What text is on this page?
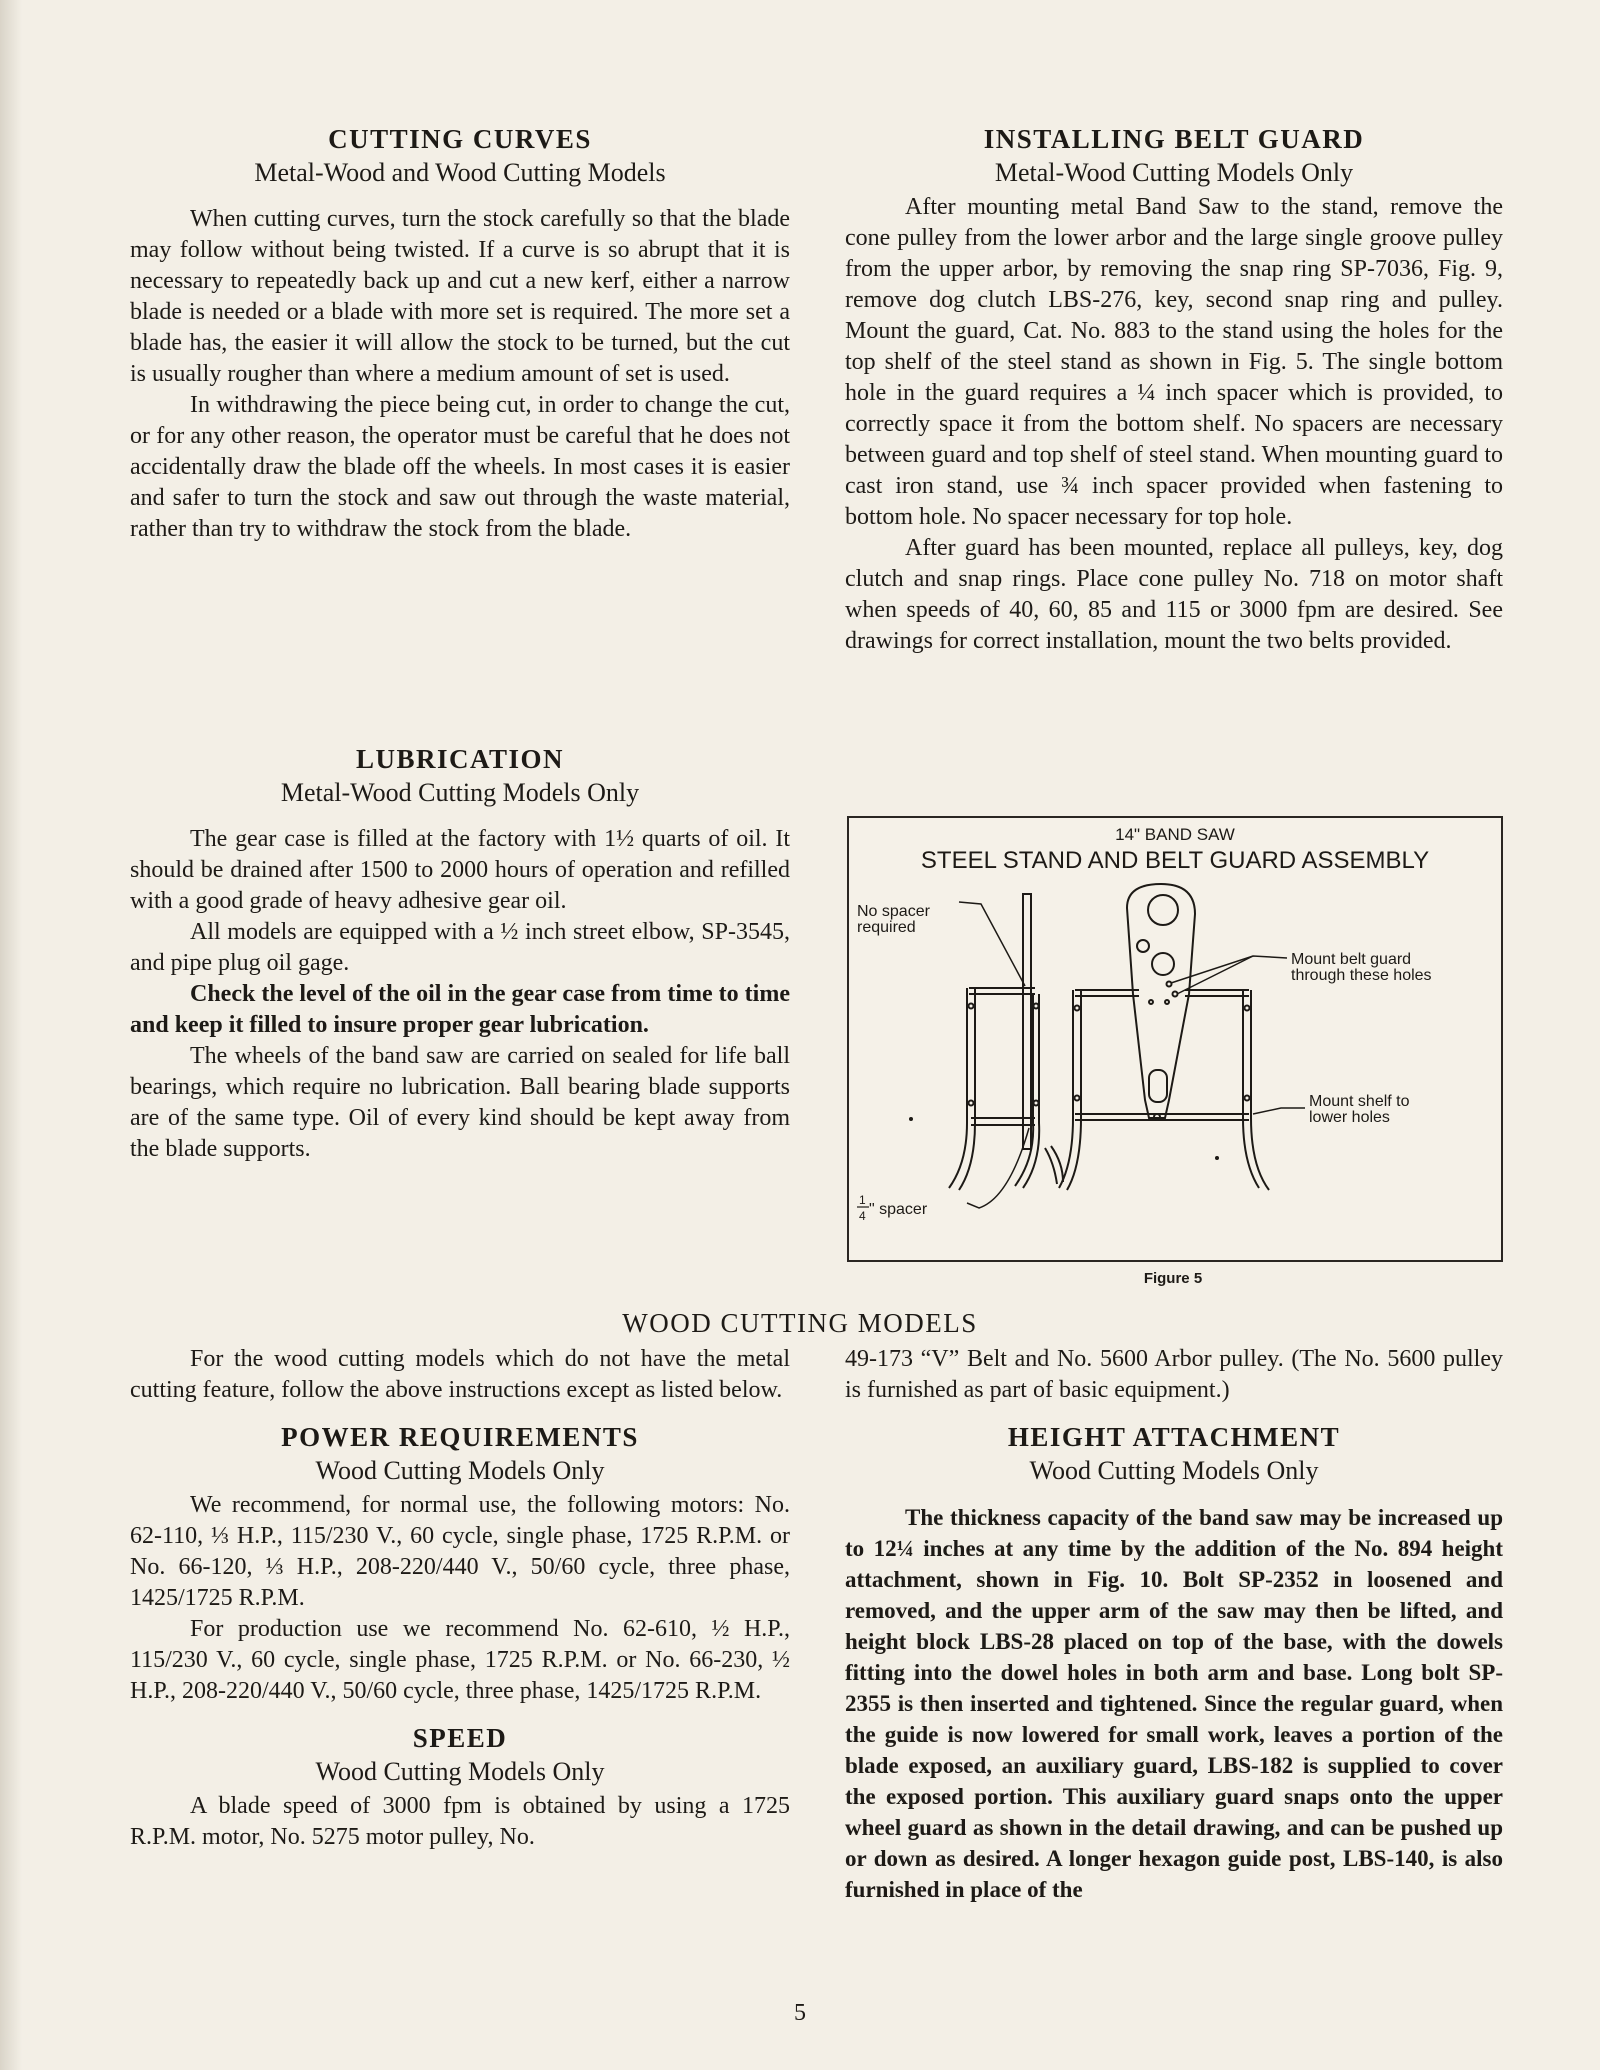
CUTTING CURVES
Metal-Wood and Wood Cutting Models

When cutting curves, turn the stock carefully so that the blade may follow without being twisted. If a curve is so abrupt that it is necessary to repeatedly back up and cut a new kerf, either a narrow blade is needed or a blade with more set is required. The more set a blade has, the easier it will allow the stock to be turned, but the cut is usually rougher than where a medium amount of set is used.

In withdrawing the piece being cut, in order to change the cut, or for any other reason, the operator must be careful that he does not accidentally draw the blade off the wheels. In most cases it is easier and safer to turn the stock and saw out through the waste material, rather than try to withdraw the stock from the blade.

LUBRICATION
Metal-Wood Cutting Models Only

The gear case is filled at the factory with 1½ quarts of oil. It should be drained after 1500 to 2000 hours of operation and refilled with a good grade of heavy adhesive gear oil.

All models are equipped with a ½ inch street elbow, SP-3545, and pipe plug oil gage.

Check the level of the oil in the gear case from time to time and keep it filled to insure proper gear lubrication.

The wheels of the band saw are carried on sealed for life ball bearings, which require no lubrication. Ball bearing blade supports are of the same type. Oil of every kind should be kept away from the blade supports.

INSTALLING BELT GUARD
Metal-Wood Cutting Models Only

After mounting metal Band Saw to the stand, remove the cone pulley from the lower arbor and the large single groove pulley from the upper arbor, by removing the snap ring SP-7036, Fig. 9, remove dog clutch LBS-276, key, second snap ring and pulley. Mount the guard, Cat. No. 883 to the stand using the holes for the top shelf of the steel stand as shown in Fig. 5. The single bottom hole in the guard requires a ¼ inch spacer which is provided, to correctly space it from the bottom shelf. No spacers are necessary between guard and top shelf of steel stand. When mounting guard to cast iron stand, use ¾ inch spacer provided when fastening to bottom hole. No spacer necessary for top hole.

After guard has been mounted, replace all pulleys, key, dog clutch and snap rings. Place cone pulley No. 718 on motor shaft when speeds of 40, 60, 85 and 115 or 3000 fpm are desired. See drawings for correct installation, mount the two belts provided.

14" BAND SAW
STEEL STAND AND BELT GUARD ASSEMBLY
No spacer
required
1
4 " spacer
Mount belt guard
through these holes
Mount shelf to
lower holes
Figure 5
WOOD CUTTING MODELS

For the wood cutting models which do not have the metal cutting feature, follow the above instructions except as listed below.

POWER REQUIREMENTS
Wood Cutting Models Only

We recommend, for normal use, the following motors: No. 62-110, ⅓ H.P., 115/230 V., 60 cycle, single phase, 1725 R.P.M. or No. 66-120, ⅓ H.P., 208-220/440 V., 50/60 cycle, three phase, 1425/1725 R.P.M.

For production use we recommend No. 62-610, ½ H.P., 115/230 V., 60 cycle, single phase, 1725 R.P.M. or No. 66-230, ½ H.P., 208-220/440 V., 50/60 cycle, three phase, 1425/1725 R.P.M.

SPEED
Wood Cutting Models Only

A blade speed of 3000 fpm is obtained by using a 1725 R.P.M. motor, No. 5275 motor pulley, No.

49-173 “V” Belt and No. 5600 Arbor pulley. (The No. 5600 pulley is furnished as part of basic equipment.)

HEIGHT ATTACHMENT
Wood Cutting Models Only

The thickness capacity of the band saw may be increased up to 12¼ inches at any time by the addition of the No. 894 height attachment, shown in Fig. 10. Bolt SP-2352 in loosened and removed, and the upper arm of the saw may then be lifted, and height block LBS-28 placed on top of the base, with the dowels fitting into the dowel holes in both arm and base. Long bolt SP-2355 is then inserted and tightened. Since the regular guard, when the guide is now lowered for small work, leaves a portion of the blade exposed, an auxiliary guard, LBS-182 is supplied to cover the exposed portion. This auxiliary guard snaps onto the upper wheel guard as shown in the detail drawing, and can be pushed up or down as desired. A longer hexagon guide post, LBS-140, is also furnished in place of the

5
